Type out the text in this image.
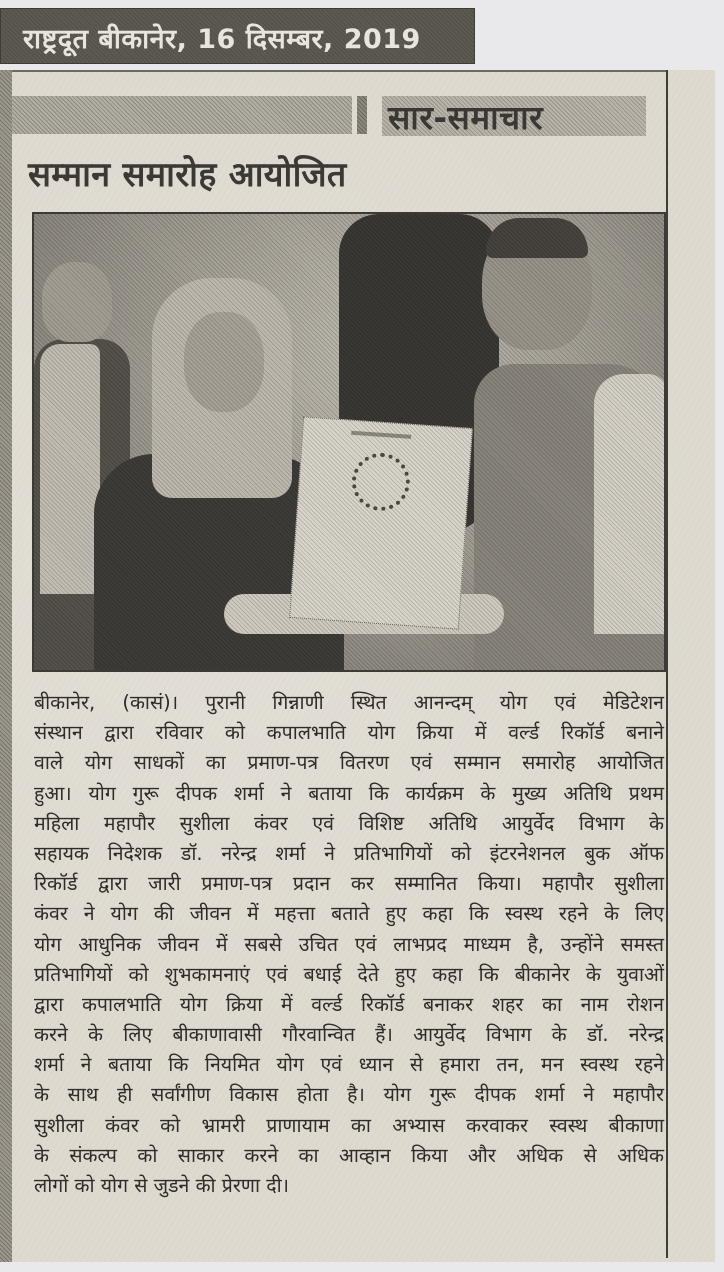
राष्ट्रदूत बीकानेर, 16 दिसम्बर, 2019
सार-समाचार
सम्मान समारोह आयोजित
बीकानेर, (कासं)। पुरानी गिन्नाणी स्थित आनन्दम् योग एवं मेडिटेशन
संस्थान द्वारा रविवार को कपालभाति योग क्रिया में वर्ल्ड रिकॉर्ड बनाने
वाले योग साधकों का प्रमाण-पत्र वितरण एवं सम्मान समारोह आयोजित
हुआ। योग गुरू दीपक शर्मा ने बताया कि कार्यक्रम के मुख्य अतिथि प्रथम
महिला महापौर सुशीला कंवर एवं विशिष्ट अतिथि आयुर्वेद विभाग के
सहायक निदेशक डॉ. नरेन्द्र शर्मा ने प्रतिभागियों को इंटरनेशनल बुक ऑफ
रिकॉर्ड द्वारा जारी प्रमाण-पत्र प्रदान कर सम्मानित किया। महापौर सुशीला
कंवर ने योग की जीवन में महत्ता बताते हुए कहा कि स्वस्थ रहने के लिए
योग आधुनिक जीवन में सबसे उचित एवं लाभप्रद माध्यम है, उन्होंने समस्त
प्रतिभागियों को शुभकामनाएं एवं बधाई देते हुए कहा कि बीकानेर के युवाओं
द्वारा कपालभाति योग क्रिया में वर्ल्ड रिकॉर्ड बनाकर शहर का नाम रोशन
करने के लिए बीकाणावासी गौरवान्वित हैं। आयुर्वेद विभाग के डॉ. नरेन्द्र
शर्मा ने बताया कि नियमित योग एवं ध्यान से हमारा तन, मन स्वस्थ रहने
के साथ ही सर्वांगीण विकास होता है। योग गुरू दीपक शर्मा ने महापौर
सुशीला कंवर को भ्रामरी प्राणायाम का अभ्यास करवाकर स्वस्थ बीकाणा
के संकल्प को साकार करने का आव्हान किया और अधिक से अधिक
लोगों को योग से जुडने की प्रेरणा दी।
